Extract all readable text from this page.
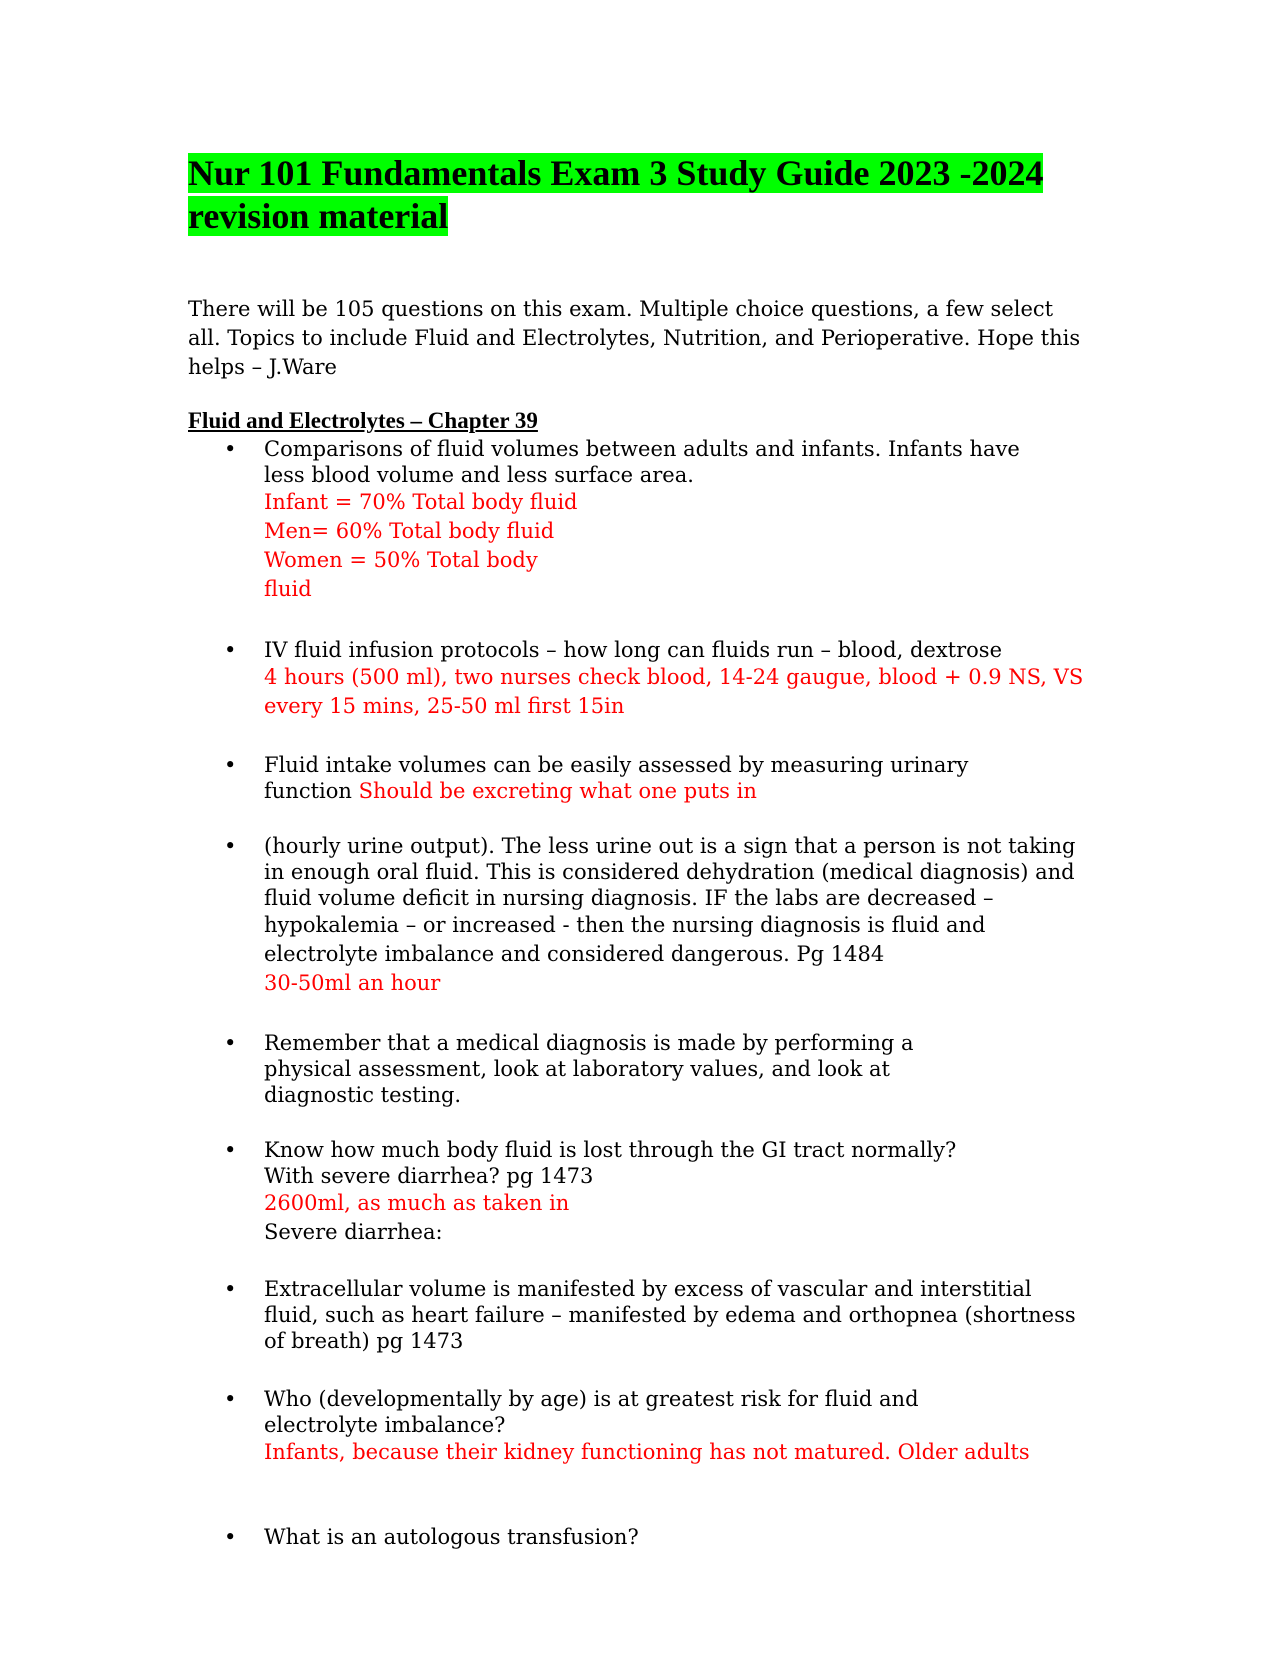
Nur 101 Fundamentals Exam 3 Study Guide 2023 -2024
revision material

There will be 105 questions on this exam. Multiple choice questions, a few select all. Topics to include Fluid and Electrolytes, Nutrition, and Perioperative. Hope this helps – J.Ware

Fluid and Electrolytes – Chapter 39
• Comparisons of fluid volumes between adults and infants. Infants have
less blood volume and less surface area.
Infant = 70% Total body fluid
Men= 60% Total body fluid
Women = 50% Total body
fluid
• IV fluid infusion protocols – how long can fluids run – blood, dextrose
4 hours (500 ml), two nurses check blood, 14-24 gaugue, blood + 0.9 NS, VS
every 15 mins, 25-50 ml first 15in
• Fluid intake volumes can be easily assessed by measuring urinary
function Should be excreting what one puts in
• (hourly urine output). The less urine out is a sign that a person is not taking
in enough oral fluid. This is considered dehydration (medical diagnosis) and
fluid volume deficit in nursing diagnosis. IF the labs are decreased –
hypokalemia – or increased - then the nursing diagnosis is fluid and
electrolyte imbalance and considered dangerous. Pg 1484
30-50ml an hour
• Remember that a medical diagnosis is made by performing a
physical assessment, look at laboratory values, and look at
diagnostic testing.
• Know how much body fluid is lost through the GI tract normally?
With severe diarrhea? pg 1473
2600ml, as much as taken in
Severe diarrhea:
• Extracellular volume is manifested by excess of vascular and interstitial
fluid, such as heart failure – manifested by edema and orthopnea (shortness
of breath) pg 1473
• Who (developmentally by age) is at greatest risk for fluid and
electrolyte imbalance?
Infants, because their kidney functioning has not matured. Older adults
• What is an autologous transfusion?
